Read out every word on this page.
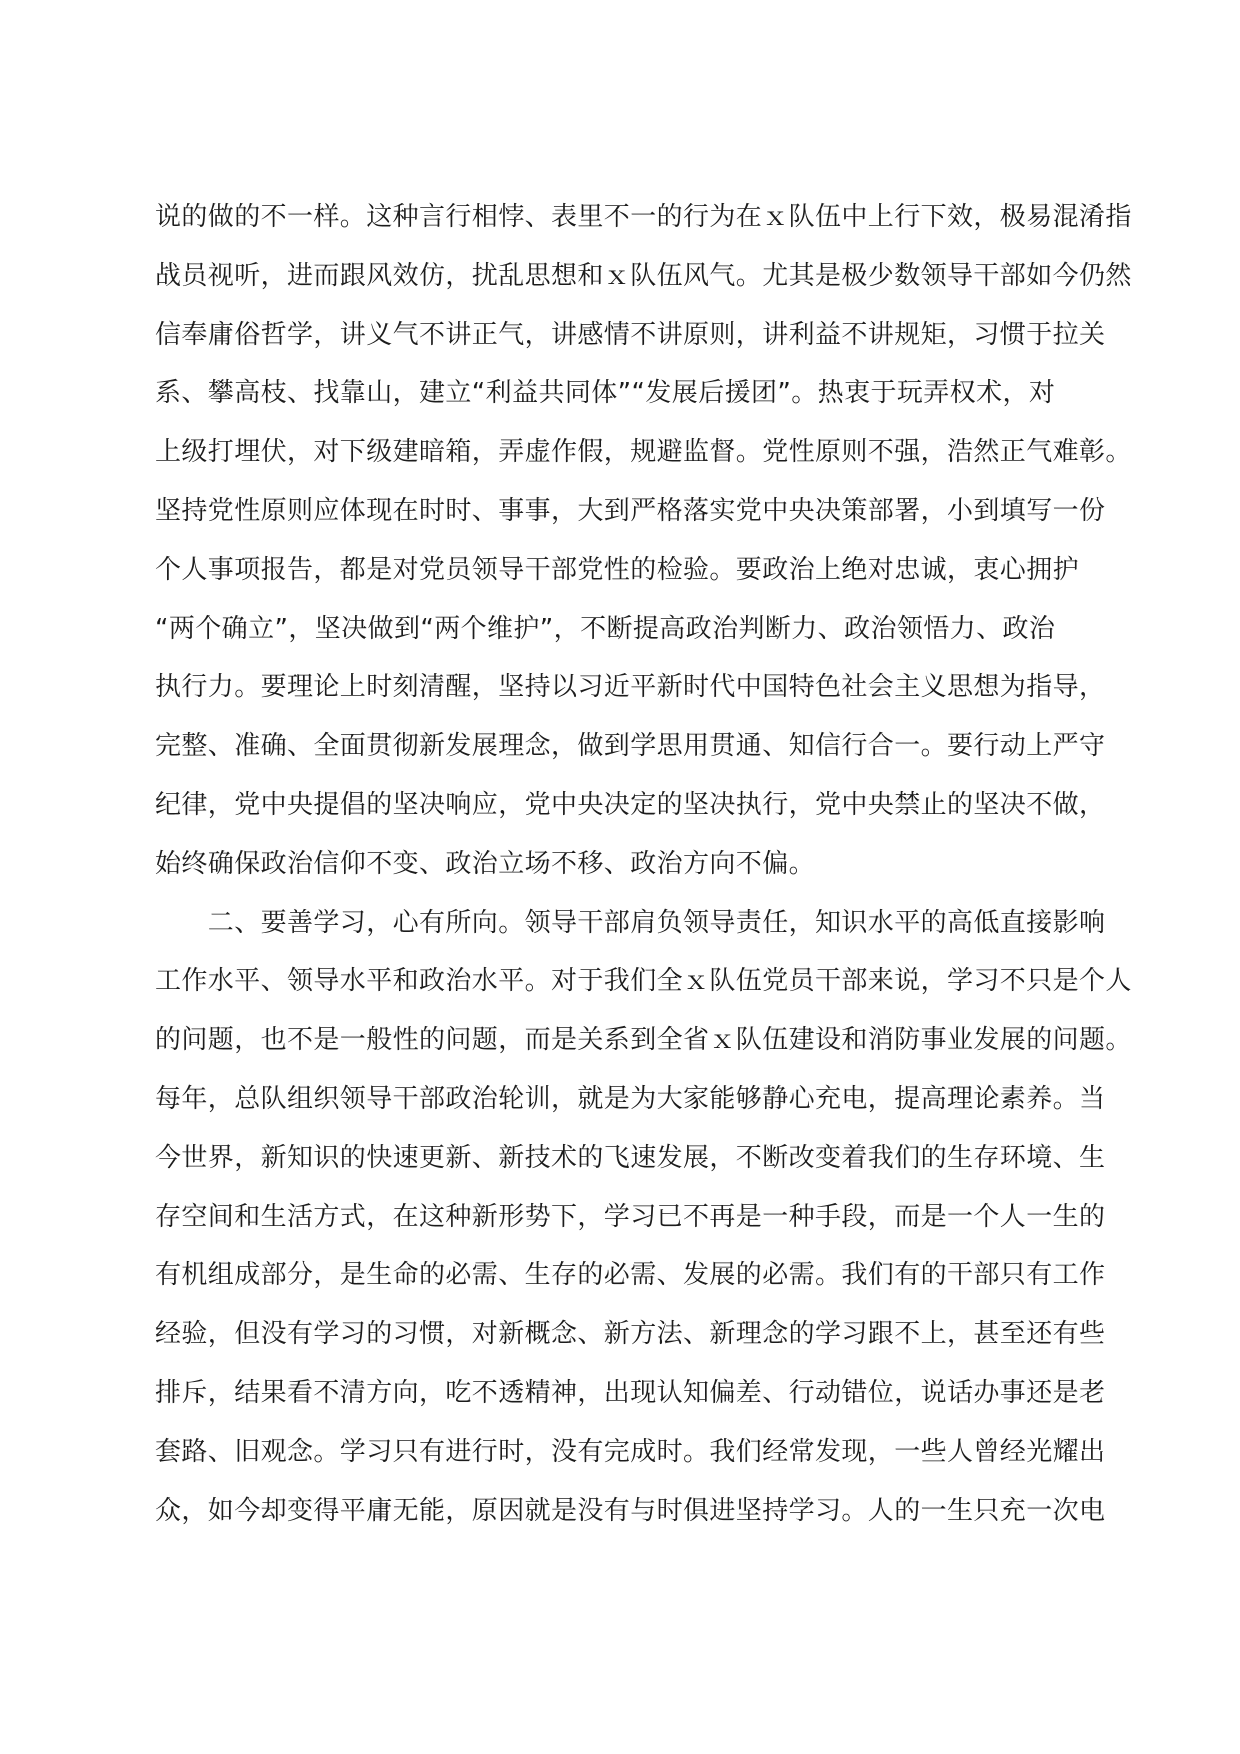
说的做的不一样。这种言行相悖、表里不一的行为在ｘ队伍中上行下效，极易混淆指
战员视听，进而跟风效仿，扰乱思想和ｘ队伍风气。尤其是极少数领导干部如今仍然
信奉庸俗哲学，讲义气不讲正气，讲感情不讲原则，讲利益不讲规矩，习惯于拉关
系、攀高枝、找靠山，建立“利益共同体”“发展后援团”。热衷于玩弄权术，对
上级打埋伏，对下级建暗箱，弄虚作假，规避监督。党性原则不强，浩然正气难彰。
坚持党性原则应体现在时时、事事，大到严格落实党中央决策部署，小到填写一份
个人事项报告，都是对党员领导干部党性的检验。要政治上绝对忠诚，衷心拥护
“两个确立”，坚决做到“两个维护”，不断提高政治判断力、政治领悟力、政治
执行力。要理论上时刻清醒，坚持以习近平新时代中国特色社会主义思想为指导，
完整、准确、全面贯彻新发展理念，做到学思用贯通、知信行合一。要行动上严守
纪律，党中央提倡的坚决响应，党中央决定的坚决执行，党中央禁止的坚决不做，
始终确保政治信仰不变、政治立场不移、政治方向不偏。
　　二、要善学习，心有所向。领导干部肩负领导责任，知识水平的高低直接影响
工作水平、领导水平和政治水平。对于我们全ｘ队伍党员干部来说，学习不只是个人
的问题，也不是一般性的问题，而是关系到全省ｘ队伍建设和消防事业发展的问题。
每年，总队组织领导干部政治轮训，就是为大家能够静心充电，提高理论素养。当
今世界，新知识的快速更新、新技术的飞速发展，不断改变着我们的生存环境、生
存空间和生活方式，在这种新形势下，学习已不再是一种手段，而是一个人一生的
有机组成部分，是生命的必需、生存的必需、发展的必需。我们有的干部只有工作
经验，但没有学习的习惯，对新概念、新方法、新理念的学习跟不上，甚至还有些
排斥，结果看不清方向，吃不透精神，出现认知偏差、行动错位，说话办事还是老
套路、旧观念。学习只有进行时，没有完成时。我们经常发现，一些人曾经光耀出
众，如今却变得平庸无能，原因就是没有与时俱进坚持学习。人的一生只充一次电
